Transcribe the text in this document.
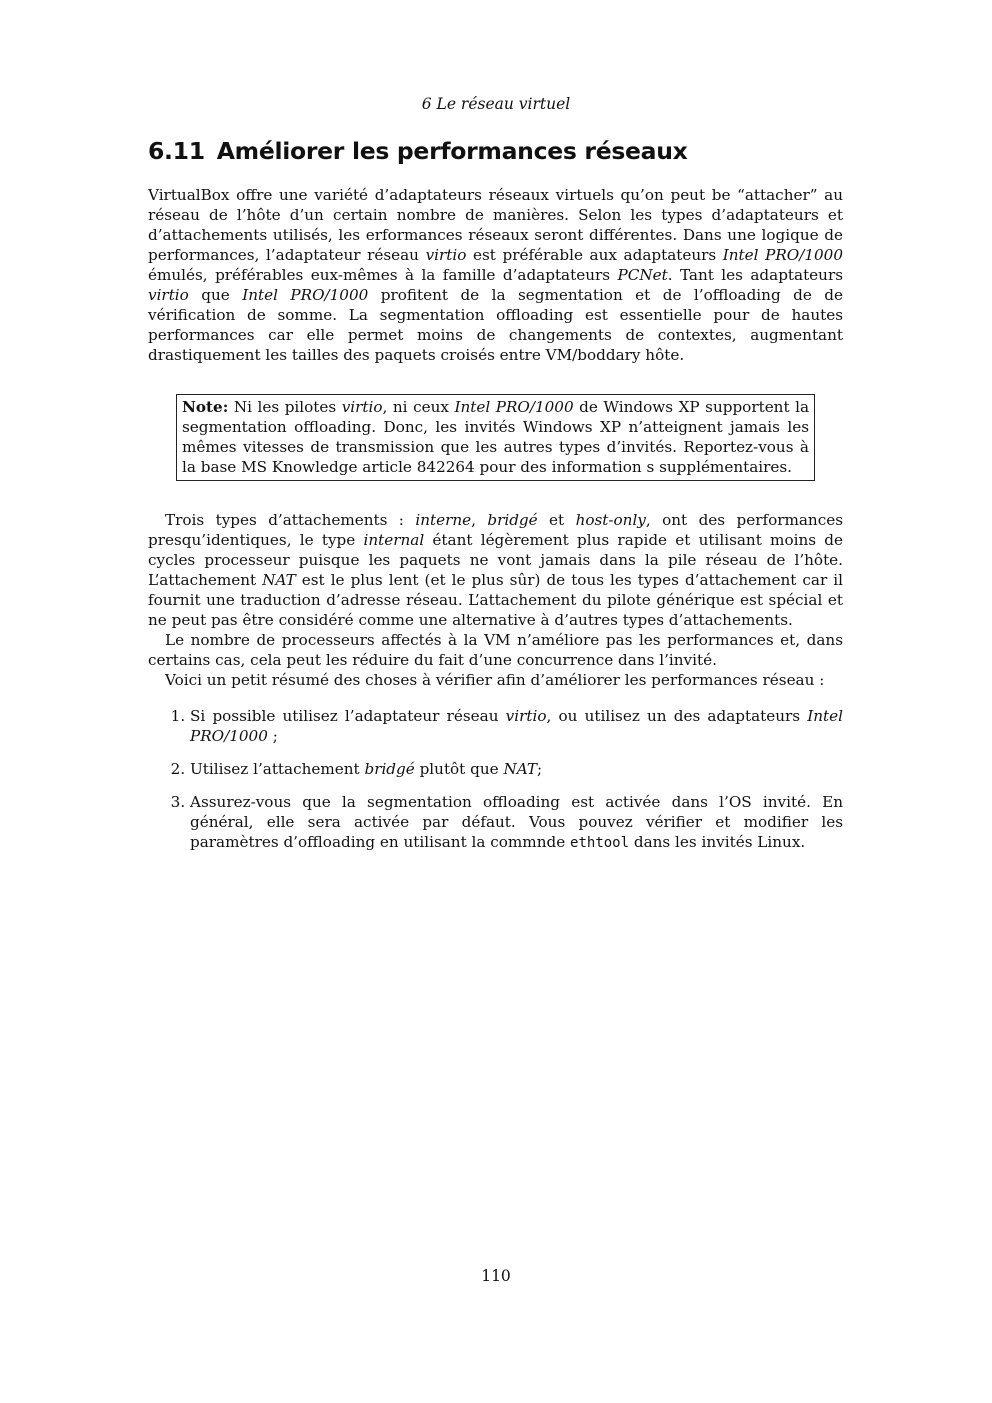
6 Le réseau virtuel
6.11 Améliorer les performances réseaux

VirtualBox offre une variété d’adaptateurs réseaux virtuels qu’on peut be “attacher” au réseau de l’hôte d’un certain nombre de manières. Selon les types d’adaptateurs et d’attachements utilisés, les erformances réseaux seront différentes. Dans une logique de performances, l’adaptateur réseau virtio est préférable aux adaptateurs Intel PRO/1000 émulés, préférables eux-mêmes à la famille d’adaptateurs PCNet. Tant les adaptateurs virtio que Intel PRO/1000 profitent de la segmentation et de l’offloading de de vérification de somme. La segmentation offloading est essentielle pour de hautes performances car elle permet moins de changements de contextes, augmentant drastiquement les tailles des paquets croisés entre VM/boddary hôte.

Note: Ni les pilotes virtio, ni ceux Intel PRO/1000 de Windows XP supportent la segmentation offloading. Donc, les invités Windows XP n’atteignent jamais les mêmes vitesses de transmission que les autres types d’invités. Reportez-vous à la base MS Knowledge article 842264 pour des information s supplémentaires.

Trois types d’attachements : interne, bridgé et host-only, ont des performances presqu’identiques, le type internal étant légèrement plus rapide et utilisant moins de cycles processeur puisque les paquets ne vont jamais dans la pile réseau de l’hôte. L’attachement NAT est le plus lent (et le plus sûr) de tous les types d’attachement car il fournit une traduction d’adresse réseau. L’attachement du pilote générique est spécial et ne peut pas être considéré comme une alternative à d’autres types d’attachements.

Le nombre de processeurs affectés à la VM n’améliore pas les performances et, dans certains cas, cela peut les réduire du fait d’une concurrence dans l’invité.

Voici un petit résumé des choses à vérifier afin d’améliorer les performances réseau :

1. Si possible utilisez l’adaptateur réseau virtio, ou utilisez un des adaptateurs Intel PRO/1000 ;
2. Utilisez l’attachement bridgé plutôt que NAT;
3. Assurez-vous que la segmentation offloading est activée dans l’OS invité. En général, elle sera activée par défaut. Vous pouvez vérifier et modifier les paramètres d’offloading en utilisant la commnde ethtool dans les invités Linux.
110
